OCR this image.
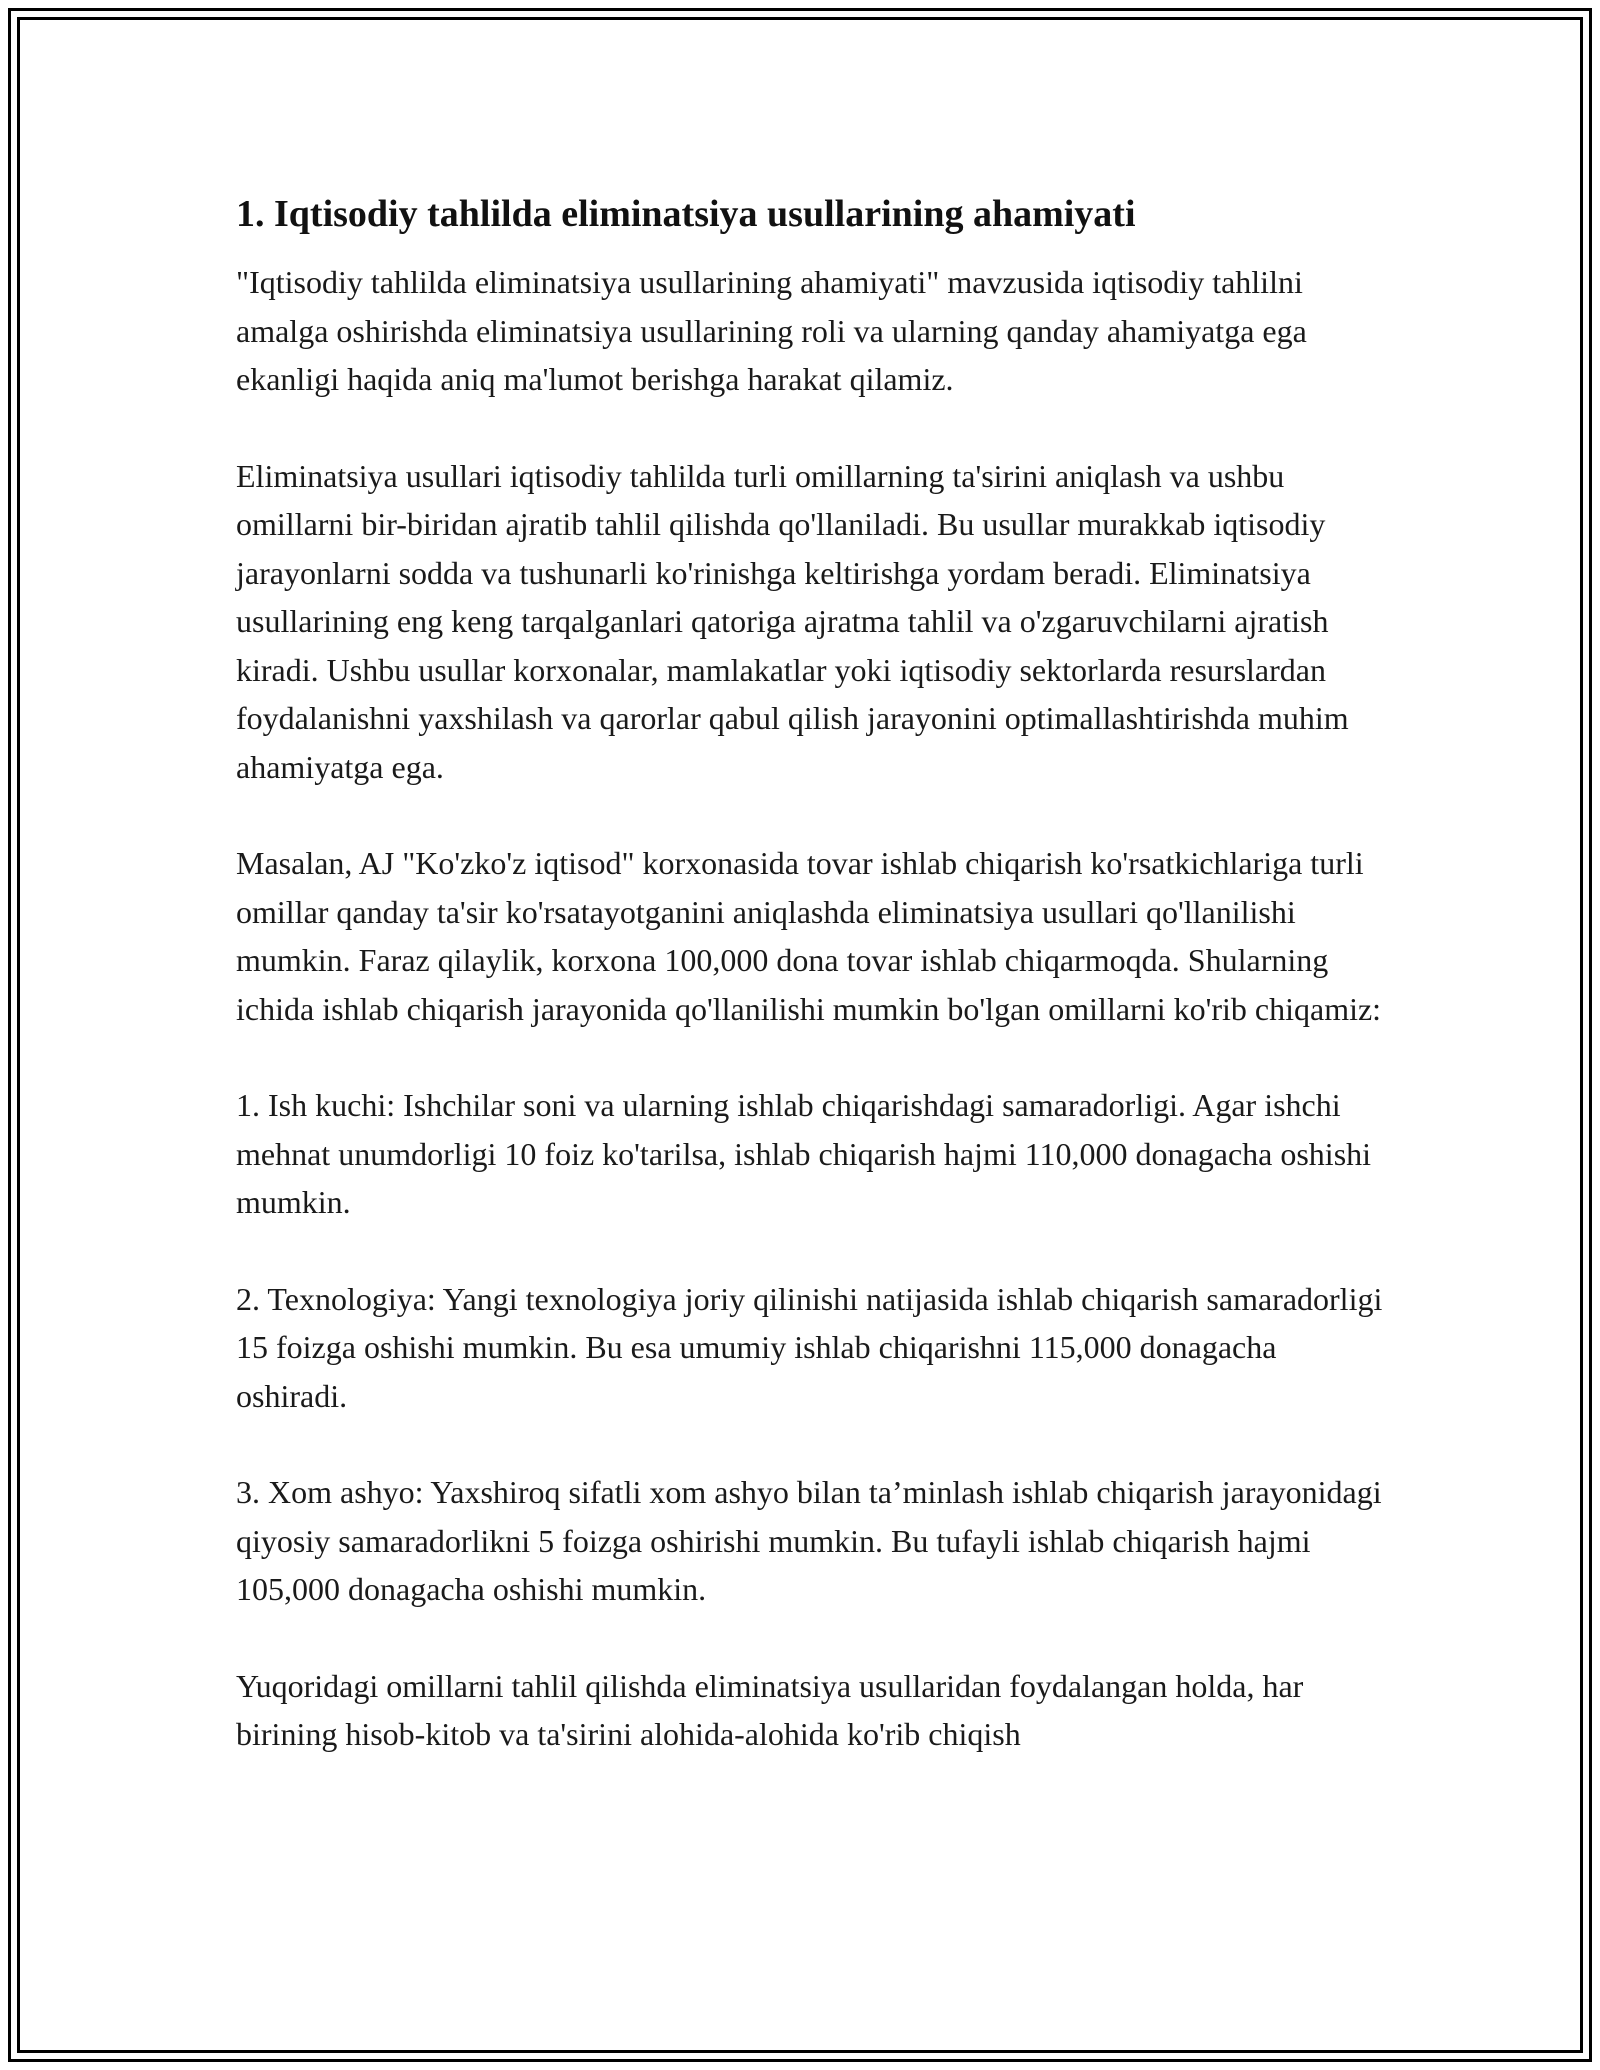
1. Iqtisodiy tahlilda eliminatsiya usullarining ahamiyati

"Iqtisodiy tahlilda eliminatsiya usullarining ahamiyati" mavzusida iqtisodiy tahlilni amalga oshirishda eliminatsiya usullarining roli va ularning qanday ahamiyatga ega ekanligi haqida aniq ma'lumot berishga harakat qilamiz.

Eliminatsiya usullari iqtisodiy tahlilda turli omillarning ta'sirini aniqlash va ushbu omillarni bir-biridan ajratib tahlil qilishda qo'llaniladi. Bu usullar murakkab iqtisodiy jarayonlarni sodda va tushunarli ko'rinishga keltirishga yordam beradi. Eliminatsiya usullarining eng keng tarqalganlari qatoriga ajratma tahlil va o'zgaruvchilarni ajratish kiradi. Ushbu usullar korxonalar, mamlakatlar yoki iqtisodiy sektorlarda resurslardan foydalanishni yaxshilash va qarorlar qabul qilish jarayonini optimallashtirishda muhim ahamiyatga ega.

Masalan, AJ "Ko'zko'z iqtisod" korxonasida tovar ishlab chiqarish ko'rsatkichlariga turli omillar qanday ta'sir ko'rsatayotganini aniqlashda eliminatsiya usullari qo'llanilishi mumkin. Faraz qilaylik, korxona 100,000 dona tovar ishlab chiqarmoqda. Shularning ichida ishlab chiqarish jarayonida qo'llanilishi mumkin bo'lgan omillarni ko'rib chiqamiz:

1. Ish kuchi: Ishchilar soni va ularning ishlab chiqarishdagi samaradorligi. Agar ishchi mehnat unumdorligi 10 foiz ko'tarilsa, ishlab chiqarish hajmi 110,000 donagacha oshishi mumkin.

2. Texnologiya: Yangi texnologiya joriy qilinishi natijasida ishlab chiqarish samaradorligi 15 foizga oshishi mumkin. Bu esa umumiy ishlab chiqarishni 115,000 donagacha oshiradi.

3. Xom ashyo: Yaxshiroq sifatli xom ashyo bilan ta’minlash ishlab chiqarish jarayonidagi qiyosiy samaradorlikni 5 foizga oshirishi mumkin. Bu tufayli ishlab chiqarish hajmi 105,000 donagacha oshishi mumkin.

Yuqoridagi omillarni tahlil qilishda eliminatsiya usullaridan foydalangan holda, har birining hisob-kitob va ta'sirini alohida-alohida ko'rib chiqish
